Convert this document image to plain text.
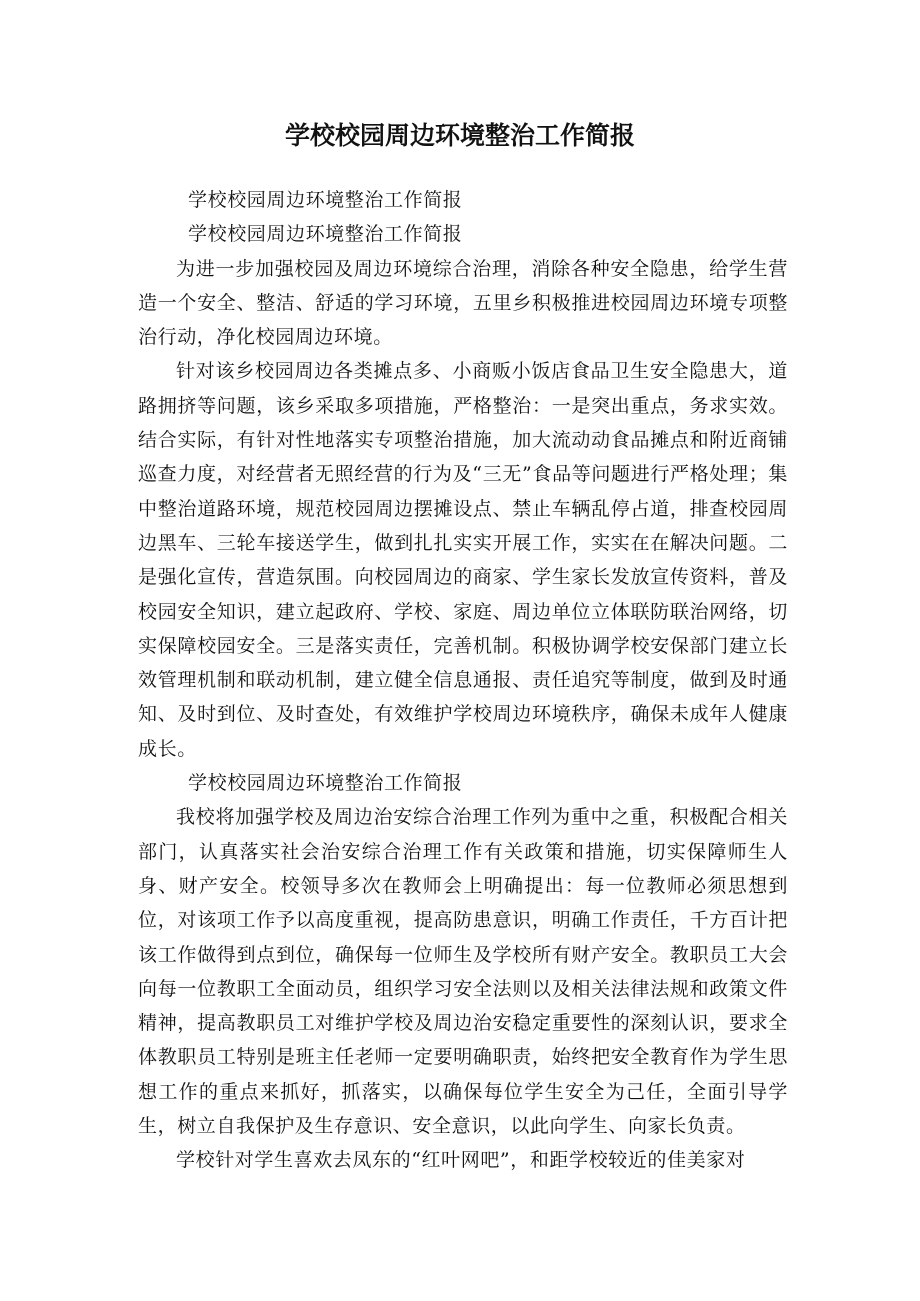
学校校园周边环境整治工作简报

学校校园周边环境整治工作简报

学校校园周边环境整治工作简报

为进一步加强校园及周边环境综合治理，消除各种安全隐患，给学生营造一个安全、整洁、舒适的学习环境，五里乡积极推进校园周边环境专项整治行动，净化校园周边环境。

针对该乡校园周边各类摊点多、小商贩小饭店食品卫生安全隐患大，道路拥挤等问题，该乡采取多项措施，严格整治：一是突出重点，务求实效。结合实际，有针对性地落实专项整治措施，加大流动动食品摊点和附近商铺巡查力度，对经营者无照经营的行为及“三无”食品等问题进行严格处理；集中整治道路环境，规范校园周边摆摊设点、禁止车辆乱停占道，排查校园周边黑车、三轮车接送学生，做到扎扎实实开展工作，实实在在解决问题。二是强化宣传，营造氛围。向校园周边的商家、学生家长发放宣传资料，普及校园安全知识，建立起政府、学校、家庭、周边单位立体联防联治网络，切实保障校园安全。三是落实责任，完善机制。积极协调学校安保部门建立长效管理机制和联动机制，建立健全信息通报、责任追究等制度，做到及时通知、及时到位、及时查处，有效维护学校周边环境秩序，确保未成年人健康成长。

学校校园周边环境整治工作简报

我校将加强学校及周边治安综合治理工作列为重中之重，积极配合相关部门，认真落实社会治安综合治理工作有关政策和措施，切实保障师生人身、财产安全。校领导多次在教师会上明确提出：每一位教师必须思想到位，对该项工作予以高度重视，提高防患意识，明确工作责任，千方百计把该工作做得到点到位，确保每一位师生及学校所有财产安全。教职员工大会向每一位教职工全面动员，组织学习安全法则以及相关法律法规和政策文件精神，提高教职员工对维护学校及周边治安稳定重要性的深刻认识，要求全体教职员工特别是班主任老师一定要明确职责，始终把安全教育作为学生思想工作的重点来抓好，抓落实，以确保每位学生安全为己任，全面引导学生，树立自我保护及生存意识、安全意识，以此向学生、向家长负责。

学校针对学生喜欢去凤东的“红叶网吧”，和距学校较近的佳美家对
